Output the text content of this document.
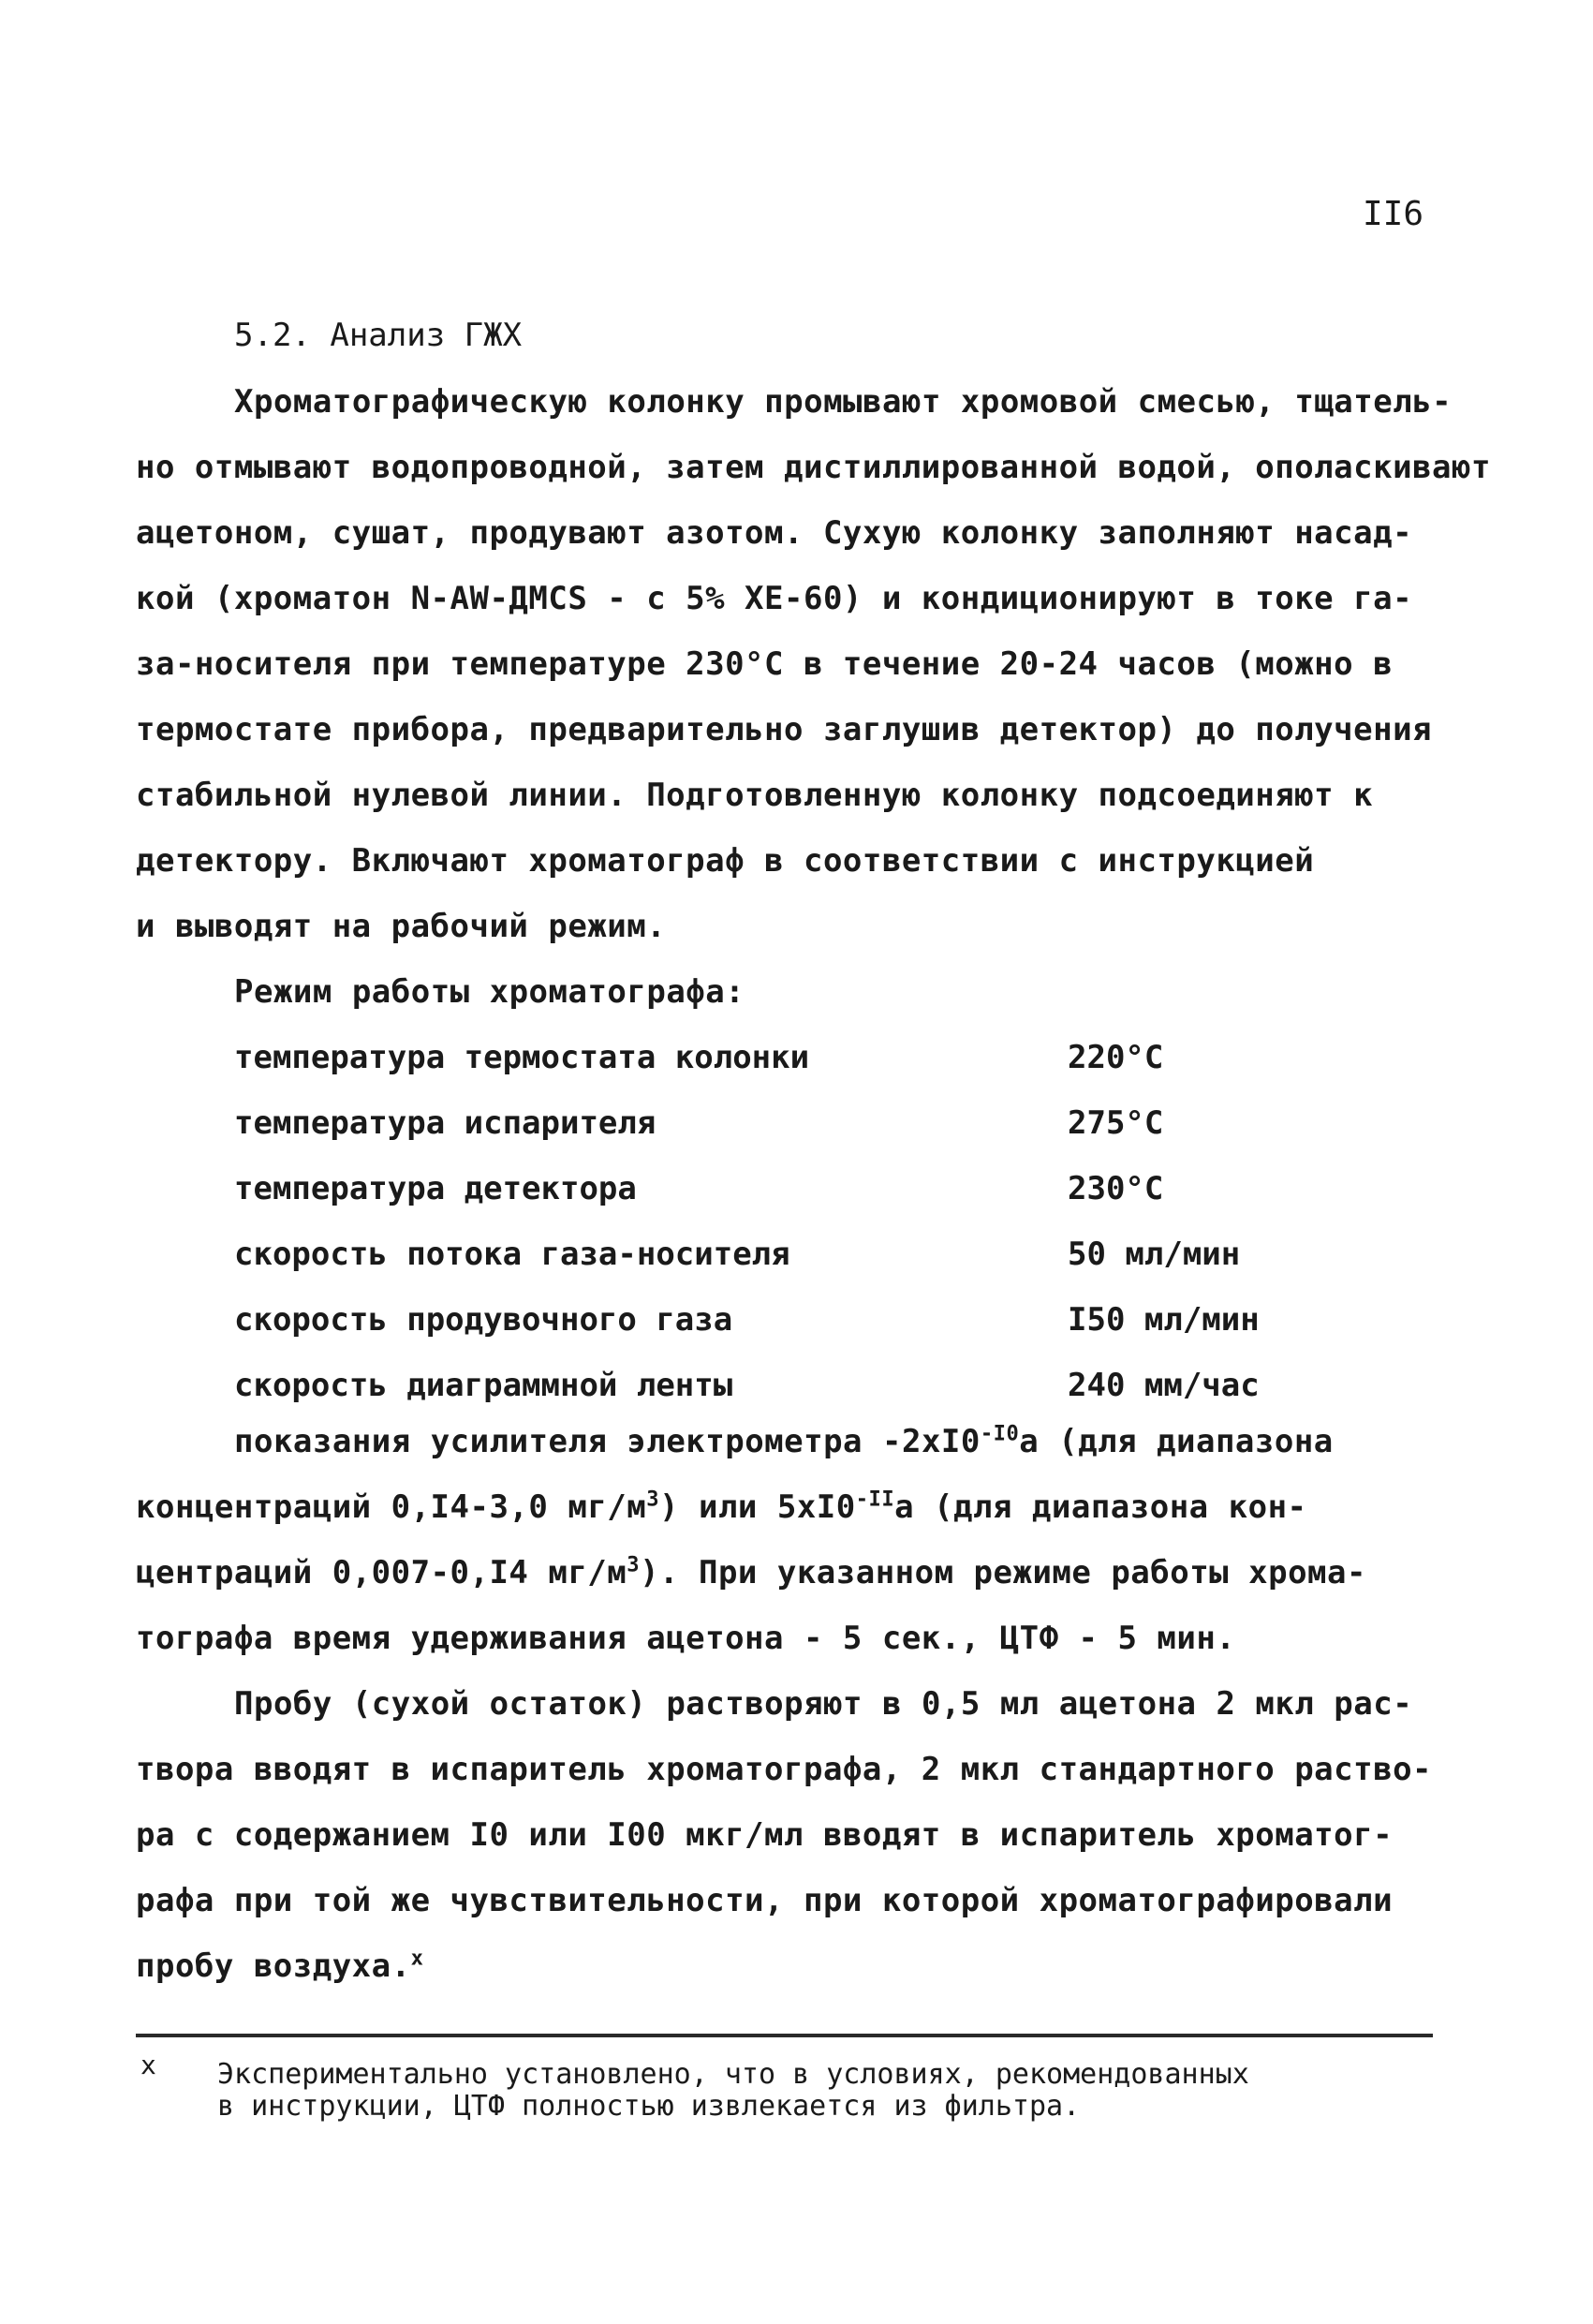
II6
5.2. Анализ ГЖХ
Хроматографическую колонку промывают хромовой смесью, тщатель-
но отмывают водопроводной, затем дистиллированной водой, ополаскивают
ацетоном, сушат, продувают азотом. Сухую колонку заполняют насад-
кой (хроматон N-AW-ДМСS - с 5% ХЕ-60) и кондиционируют в токе га-
за-носителя при температуре 230°С в течение 20-24 часов (можно в
термостате прибора, предварительно заглушив детектор) до получения
стабильной нулевой линии. Подготовленную колонку подсоединяют к
детектору. Включают хроматограф в соответствии с инструкцией
и выводят на рабочий режим.
Режим работы хроматографа:
температура термостата колонки	220°С
температура испарителя	275°С
температура детектора	230°С
скорость потока газа-носителя	50 мл/мин
скорость продувочного газа	I50 мл/мин
скорость диаграммной ленты	240 мм/час
показания усилителя электрометра $-2хI0^{-I0}а$ (для диапазона
концентраций 0,I4-3,0 $мг/м^3$) или $5хI0^{-II}а$ (для диапазона кон-
центраций 0,007-0,I4 $мг/м^3$). При указанном режиме работы хрома-
тографа время удерживания ацетона - 5 сек., ЦТФ - 5 мин.
Пробу (сухой остаток) растворяют в 0,5 мл ацетона 2 мкл рас-
твора вводят в испаритель хроматографа, 2 мкл стандартного раство-
ра с содержанием I0 или I00 мкг/мл вводят в испаритель хроматог-
рафа при той же чувствительности, при которой хроматографировали
пробу воздуха.$^х$
х Экспериментально установлено, что в условиях, рекомендованных
в инструкции, ЦТФ полностью извлекается из фильтра.
